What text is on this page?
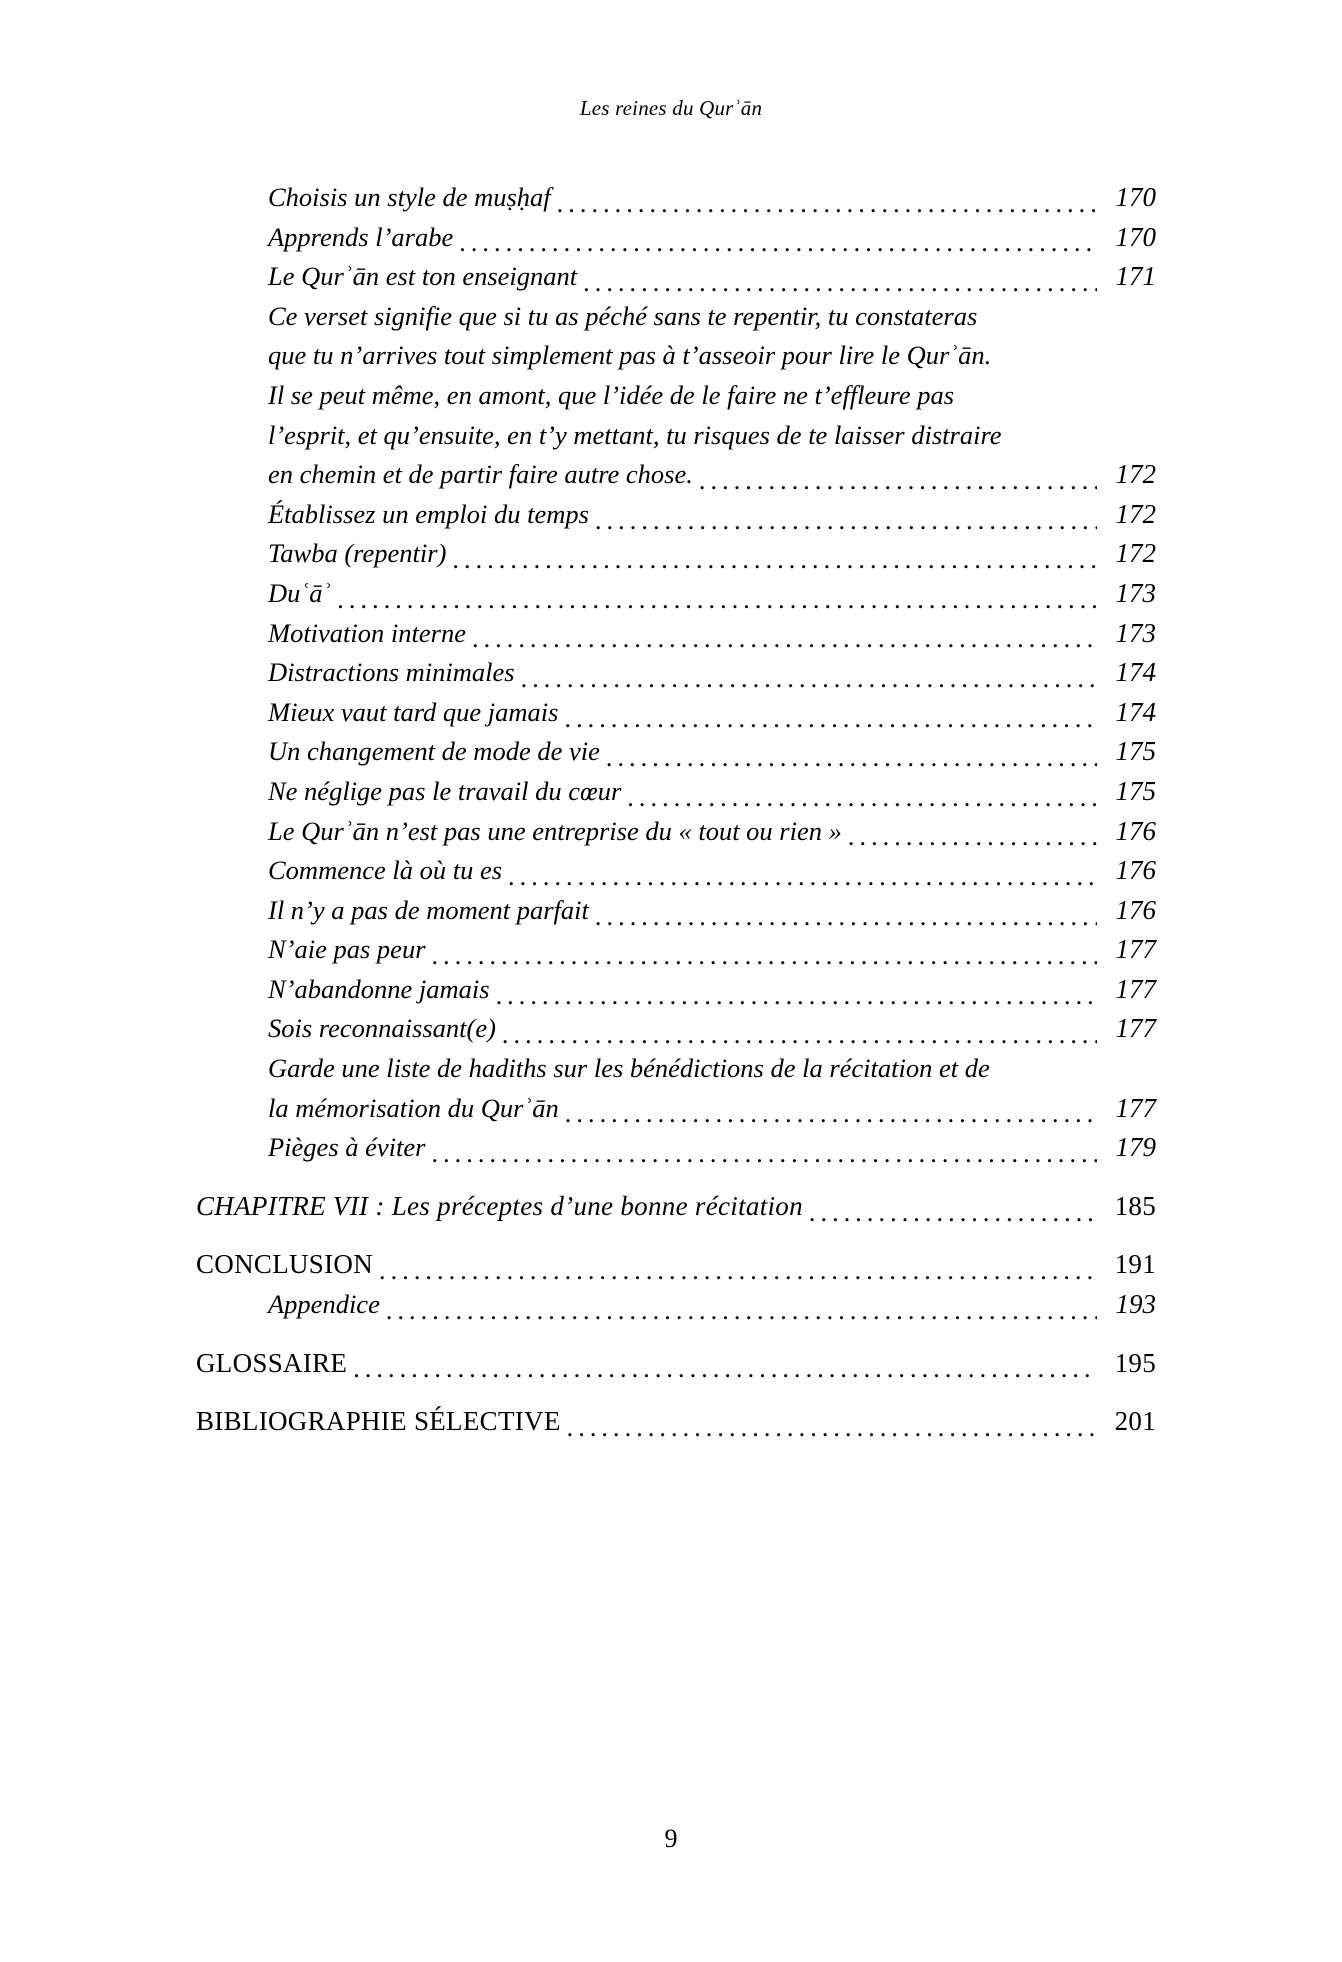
Les reines du Qurʾān
Choisis un style de muṣḥaf . . .	170
Apprends l’arabe . . .	170
Le Qurʾān est ton enseignant . . .	171
Ce verset signifie que si tu as péché sans te repentir, tu constateras
que tu n’arrives tout simplement pas à t’asseoir pour lire le Qurʾān.
Il se peut même, en amont, que l’idée de le faire ne t’effleure pas
l’esprit, et qu’ensuite, en t’y mettant, tu risques de te laisser distraire
en chemin et de partir faire autre chose. . . .	172
Établissez un emploi du temps . . .	172
Tawba (repentir) . . .	172
Duʿāʾ . . .	173
Motivation interne . . .	173
Distractions minimales . . .	174
Mieux vaut tard que jamais . . .	174
Un changement de mode de vie . . .	175
Ne néglige pas le travail du cœur . . .	175
Le Qurʾān n’est pas une entreprise du « tout ou rien » . . .	176
Commence là où tu es . . .	176
Il n’y a pas de moment parfait . . .	176
N’aie pas peur . . .	177
N’abandonne jamais . . .	177
Sois reconnaissant(e) . . .	177
Garde une liste de hadiths sur les bénédictions de la récitation et de
la mémorisation du Qurʾān . . .	177
Pièges à éviter . . .	179
CHAPITRE VII : Les préceptes d’une bonne récitation . . .	185
CONCLUSION . . .	191
Appendice . . .	193
GLOSSAIRE . . .	195
BIBLIOGRAPHIE SÉLECTIVE . . .	201
9
